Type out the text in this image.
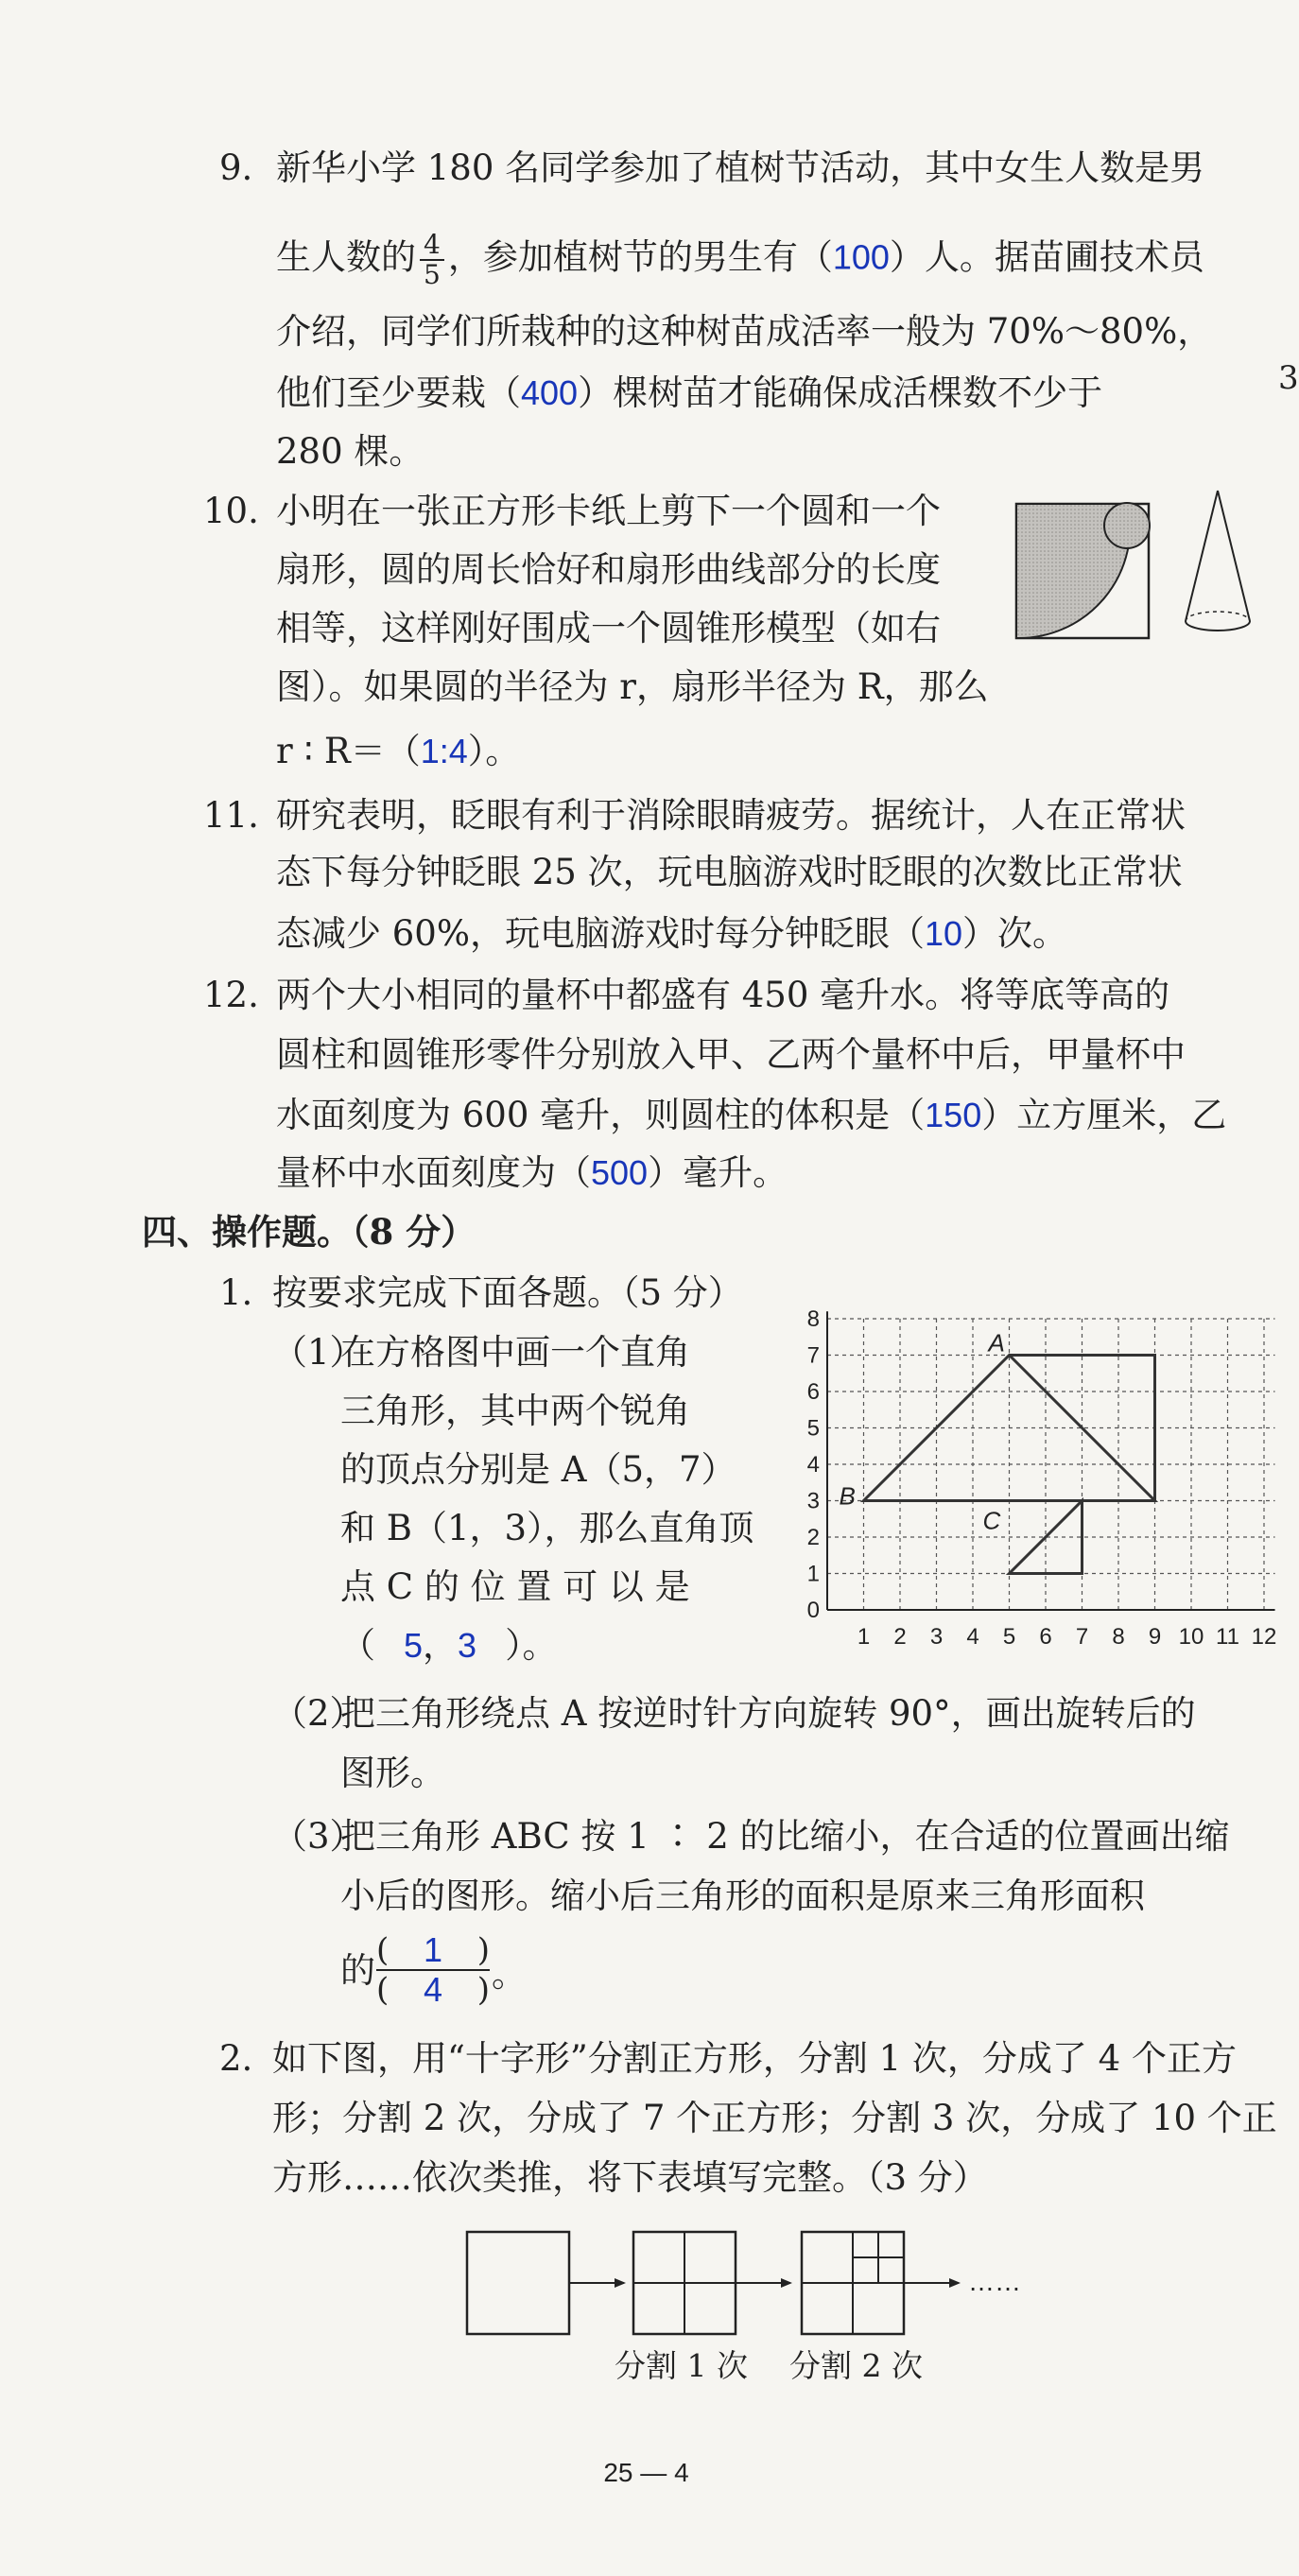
9. 新华小学 180 名同学参加了植树节活动，其中女生人数是男
生人数的 $\frac{4}{5}$ ，参加植树节的男生有（100）人。据苗圃技术员
介绍，同学们所栽种的这种树苗成活率一般为 70%～80%，
他们至少要栽（400）棵树苗才能确保成活棵数不少于
280 棵。
10. 小明在一张正方形卡纸上剪下一个圆和一个
扇形，圆的周长恰好和扇形曲线部分的长度
相等，这样刚好围成一个圆锥形模型（如右
图）。如果圆的半径为 r，扇形半径为 R，那么
r ∶ R＝（1:4）。
11. 研究表明，眨眼有利于消除眼睛疲劳。据统计，人在正常状
态下每分钟眨眼 25 次，玩电脑游戏时眨眼的次数比正常状
态减少 60%，玩电脑游戏时每分钟眨眼（10）次。
12. 两个大小相同的量杯中都盛有 450 毫升水。将等底等高的
圆柱和圆锥形零件分别放入甲、乙两个量杯中后，甲量杯中
水面刻度为 600 毫升，则圆柱的体积是（150）立方厘米，乙
量杯中水面刻度为（500）毫升。
四、操作题。（8 分）
1. 按要求完成下面各题。（5 分）
（1）
在方格图中画一个直角
三角形，其中两个锐角
的顶点分别是 A（5，7）
和 B（1，3），那么直角顶
点 C 的 位 置 可 以 是
（ 5，3 ）。	1 2 3 4 5 6 7 8 9 10 11 12
1
2
3
4
5
6
7
8
0
A
B
C
（2）
把三角形绕点 A 按逆时针方向旋转 90°，画出旋转后的
图形。
（3）
把三角形 ABC 按 1 ∶ 2 的比缩小，在合适的位置画出缩
小后的图形。缩小后三角形的面积是原来三角形面积
的 ( 1 )
( 4 ) 。
2. 如下图，用“十字形”分割正方形，分割 1 次，分成了 4 个正方
形；分割 2 次，分成了 7 个正方形；分割 3 次，分成了 10 个正
方形……依次类推，将下表填写完整。（3 分）
……
分割 1 次 分割 2 次
25 — 4
3
